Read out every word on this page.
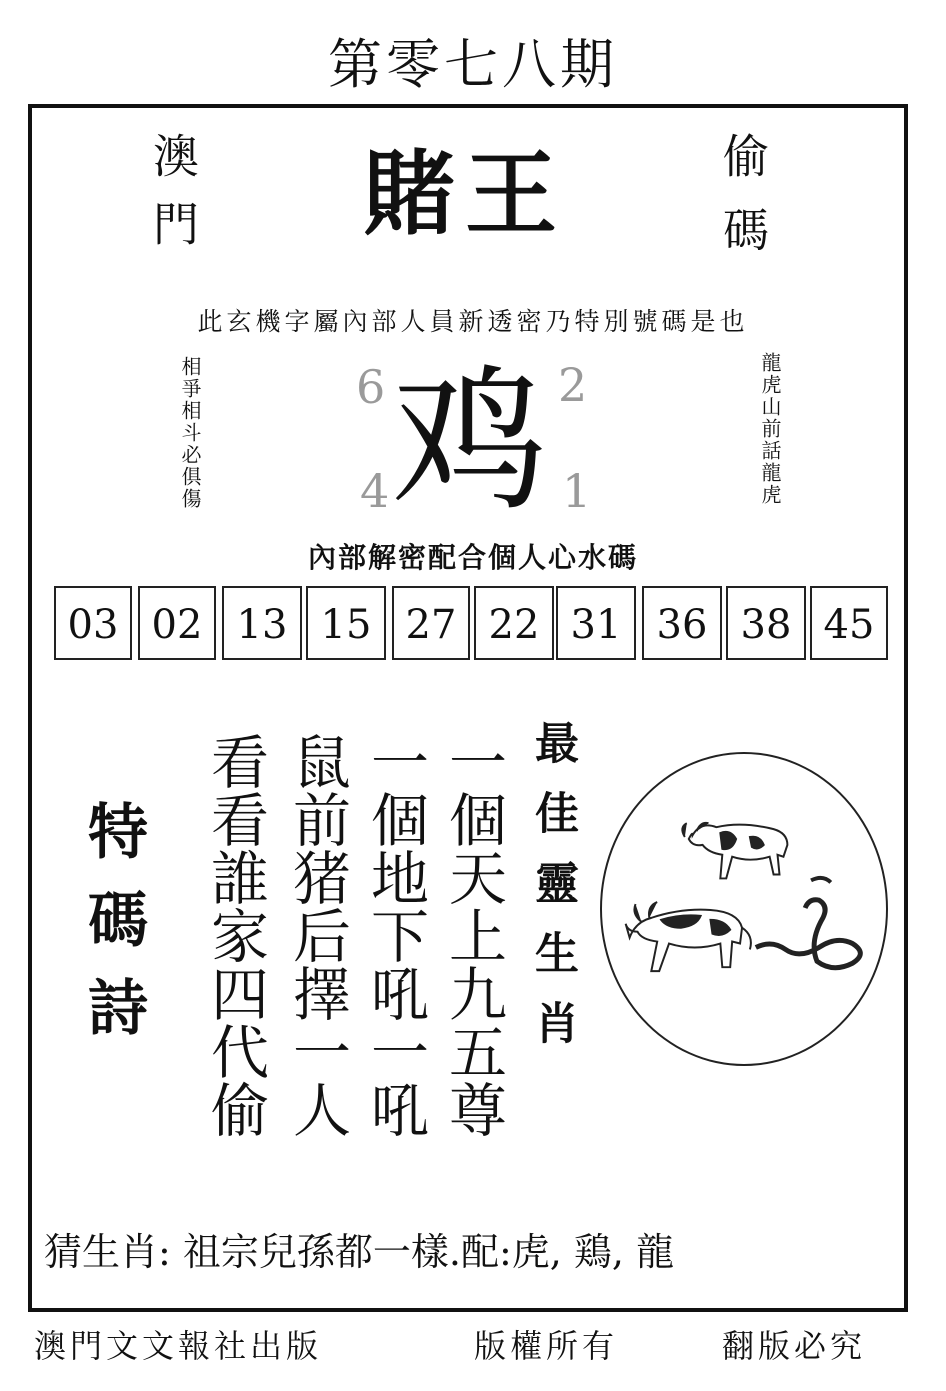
第零七八期
澳門	賭王	偷碼
此玄機字屬內部人員新透密乃特別號碼是也
相爭相斗必俱傷	龍虎山前話龍虎
6	2
4	1
鸡
內部解密配合個人心水碼
03 02 13 15 27 22 31 36 38 45
特碼詩 看看誰家四代偷 鼠前猪后擇一人 一個地下吼一吼 一個天上九五尊 最佳靈生肖
猜生肖: 祖宗兒孫都一樣.配:虎, 鶏, 龍
澳門文文報社出版	版權所有	翻版必究
